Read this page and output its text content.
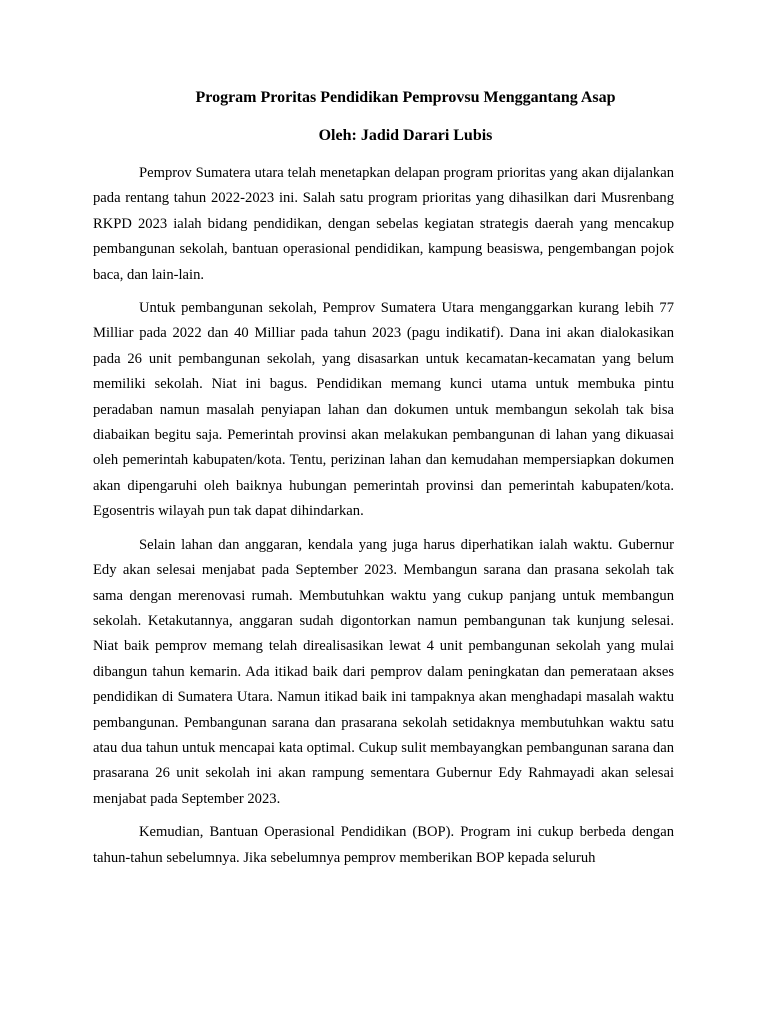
Program Proritas Pendidikan Pemprovsu Menggantang Asap

Oleh: Jadid Darari Lubis

Pemprov Sumatera utara telah menetapkan delapan program prioritas yang akan dijalankan pada rentang tahun 2022-2023 ini. Salah satu program prioritas yang dihasilkan dari Musrenbang RKPD 2023 ialah bidang pendidikan, dengan sebelas kegiatan strategis daerah yang mencakup pembangunan sekolah, bantuan operasional pendidikan, kampung beasiswa, pengembangan pojok baca, dan lain-lain.

Untuk pembangunan sekolah, Pemprov Sumatera Utara menganggarkan kurang lebih 77 Milliar pada 2022 dan 40 Milliar pada tahun 2023 (pagu indikatif). Dana ini akan dialokasikan pada 26 unit pembangunan sekolah, yang disasarkan untuk kecamatan-kecamatan yang belum memiliki sekolah. Niat ini bagus. Pendidikan memang kunci utama untuk membuka pintu peradaban namun masalah penyiapan lahan dan dokumen untuk membangun sekolah tak bisa diabaikan begitu saja. Pemerintah provinsi akan melakukan pembangunan di lahan yang dikuasai oleh pemerintah kabupaten/kota. Tentu, perizinan lahan dan kemudahan mempersiapkan dokumen akan dipengaruhi oleh baiknya hubungan pemerintah provinsi dan pemerintah kabupaten/kota. Egosentris wilayah pun tak dapat dihindarkan.

Selain lahan dan anggaran, kendala yang juga harus diperhatikan ialah waktu. Gubernur Edy akan selesai menjabat pada September 2023. Membangun sarana dan prasana sekolah tak sama dengan merenovasi rumah. Membutuhkan waktu yang cukup panjang untuk membangun sekolah. Ketakutannya, anggaran sudah digontorkan namun pembangunan tak kunjung selesai. Niat baik pemprov memang telah direalisasikan lewat 4 unit pembangunan sekolah yang mulai dibangun tahun kemarin. Ada itikad baik dari pemprov dalam peningkatan dan pemerataan akses pendidikan di Sumatera Utara. Namun itikad baik ini tampaknya akan menghadapi masalah waktu pembangunan. Pembangunan sarana dan prasarana sekolah setidaknya membutuhkan waktu satu atau dua tahun untuk mencapai kata optimal. Cukup sulit membayangkan pembangunan sarana dan prasarana 26 unit sekolah ini akan rampung sementara Gubernur Edy Rahmayadi akan selesai menjabat pada September 2023.

Kemudian, Bantuan Operasional Pendidikan (BOP). Program ini cukup berbeda dengan tahun-tahun sebelumnya. Jika sebelumnya pemprov memberikan BOP kepada seluruh
